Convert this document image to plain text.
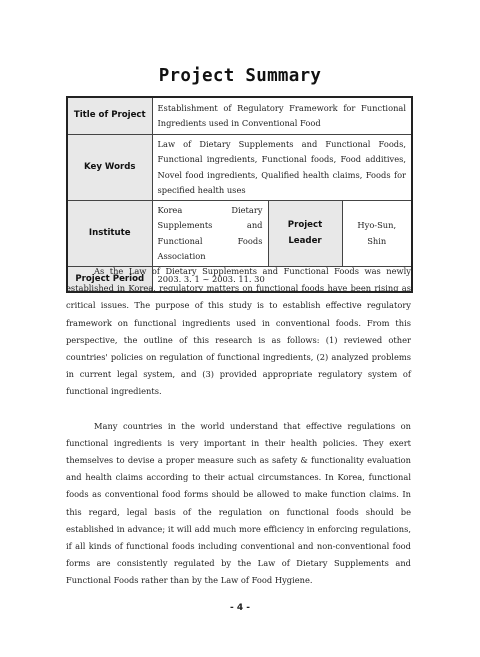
Project Summary
Title of Project	Establishment of Regulatory Framework for Functional Ingredients used in Conventional Food		
Key Words	Law of Dietary Supplements and Functional Foods, Functional ingredients, Functional foods, Food additives, Novel food ingredients, Qualified health claims, Foods for specified health uses		
Institute	Korea Dietary Supplements and Functional Foods Association	Project Leader	Hyo-Sun, Shin
Project Period	2003. 3. 1 ~ 2003. 11. 30		

As the Law of Dietary Supplements and Functional Foods was newly established in Korea, regulatory matters on functional foods have been rising as critical issues. The purpose of this study is to establish effective regulatory framework on functional ingredients used in conventional foods. From this perspective, the outline of this research is as follows: (1) reviewed other countries' policies on regulation of functional ingredients, (2) analyzed problems in current legal system, and (3) provided appropriate regulatory system of functional ingredients.

Many countries in the world understand that effective regulations on functional ingredients is very important in their health policies. They exert themselves to devise a proper measure such as safety & functionality evaluation and health claims according to their actual circumstances. In Korea, functional foods as conventional food forms should be allowed to make function claims. In this regard, legal basis of the regulation on functional foods should be established in advance; it will add much more efficiency in enforcing regulations, if all kinds of functional foods including conventional and non-conventional food forms are consistently regulated by the Law of Dietary Supplements and Functional Foods rather than by the Law of Food Hygiene.

- 4 -
